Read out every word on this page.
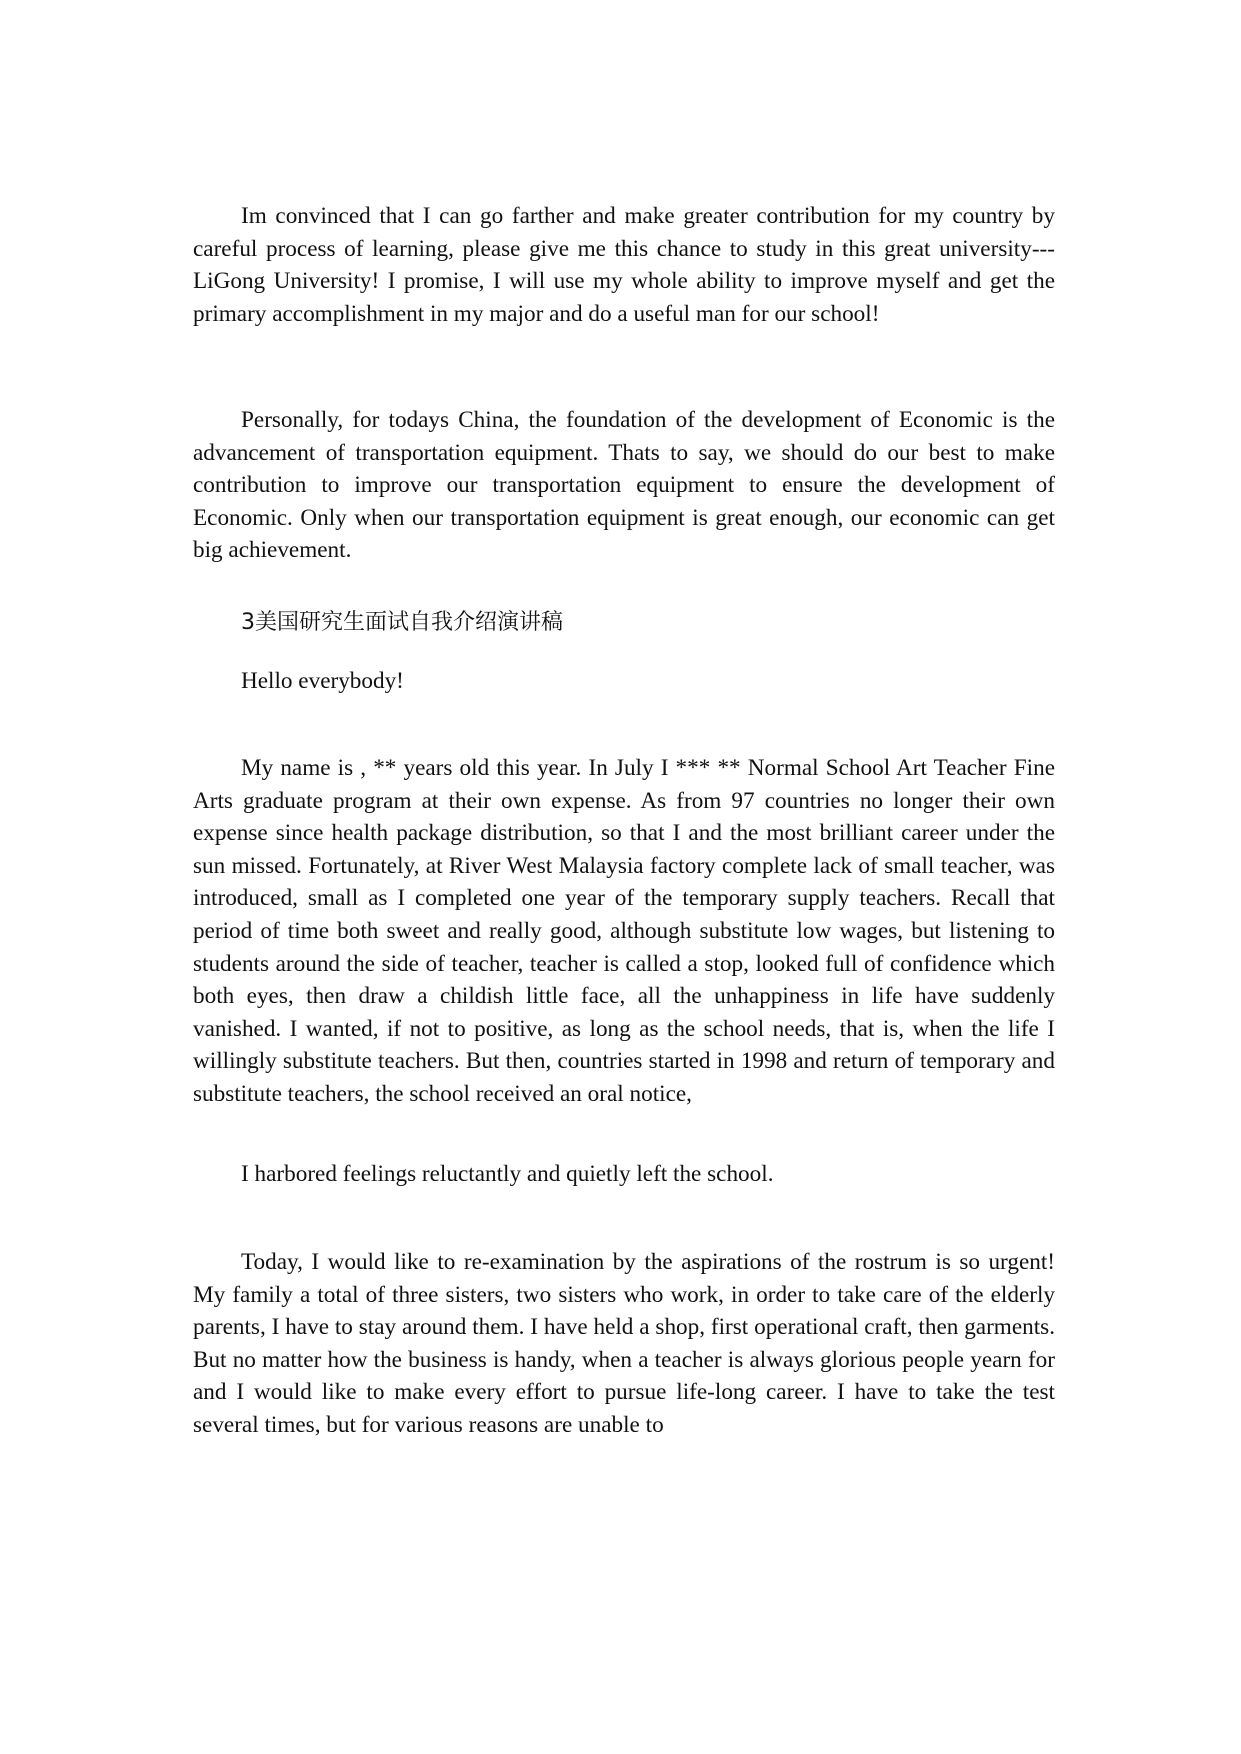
Im convinced that I can go farther and make greater contribution for my country by careful process of learning, please give me this chance to study in this great university---LiGong University! I promise, I will use my whole ability to improve myself and get the primary accomplishment in my major and do a useful man for our school!

Personally, for todays China, the foundation of the development of Economic is the advancement of transportation equipment. Thats to say, we should do our best to make contribution to improve our transportation equipment to ensure the development of Economic. Only when our transportation equipment is great enough, our economic can get big achievement.

3美国研究生面试自我介绍演讲稿

Hello everybody!

My name is , ** years old this year. In July I *** ** Normal School Art Teacher Fine Arts graduate program at their own expense. As from 97 countries no longer their own expense since health package distribution, so that I and the most brilliant career under the sun missed. Fortunately, at River West Malaysia factory complete lack of small teacher, was introduced, small as I completed one year of the temporary supply teachers. Recall that period of time both sweet and really good, although substitute low wages, but listening to students around the side of teacher, teacher is called a stop, looked full of confidence which both eyes, then draw a childish little face, all the unhappiness in life have suddenly vanished. I wanted, if not to positive, as long as the school needs, that is, when the life I willingly substitute teachers. But then, countries started in 1998 and return of temporary and substitute teachers, the school received an oral notice,

I harbored feelings reluctantly and quietly left the school.

Today, I would like to re-examination by the aspirations of the rostrum is so urgent! My family a total of three sisters, two sisters who work, in order to take care of the elderly parents, I have to stay around them. I have held a shop, first operational craft, then garments. But no matter how the business is handy, when a teacher is always glorious people yearn for and I would like to make every effort to pursue life-long career. I have to take the test several times, but for various reasons are unable to
